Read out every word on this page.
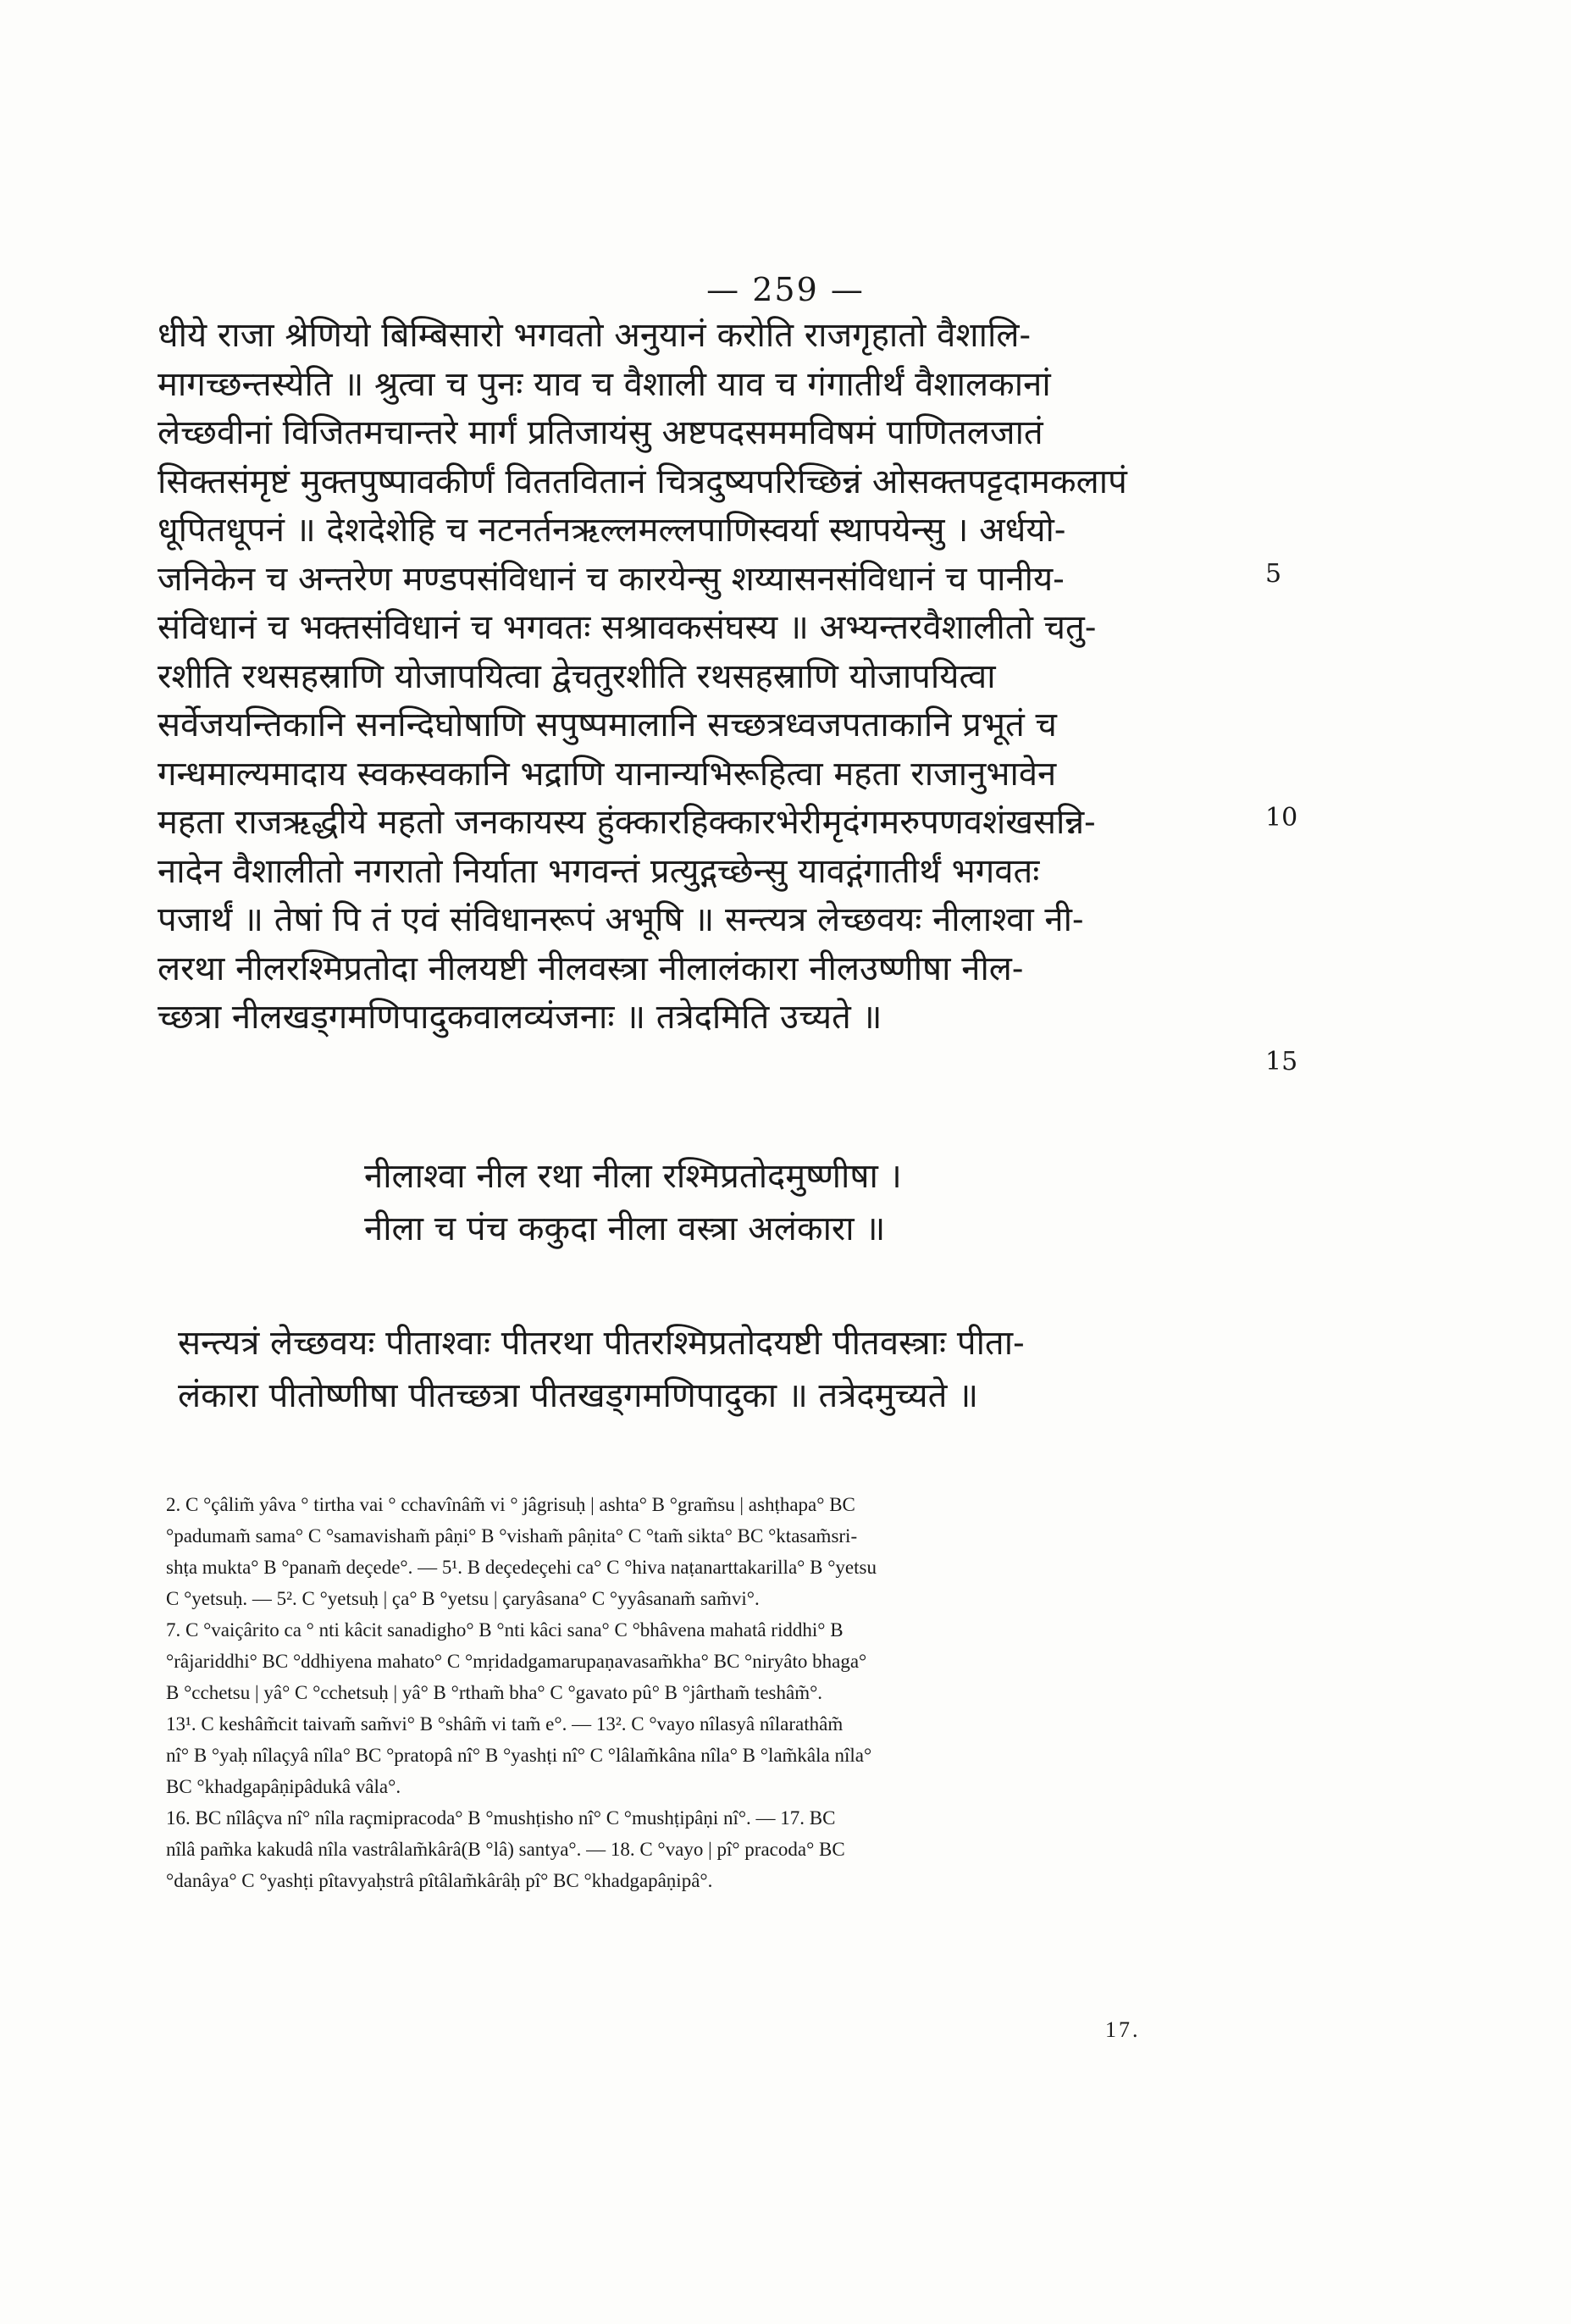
— 259 —
धीये राजा श्रेणियो बिम्बिसारो भगवतो अनुयानं करोति राजगृहातो वैशालि-
मागच्छन्तस्येति ॥ श्रुत्वा च पुनः याव च वैशाली याव च गंगातीर्थं वैशालकानां
लेच्छवीनां विजितमचान्तरे मार्गं प्रतिजायंसु अष्टपदसममविषमं पाणितलजातं
सिक्तसंमृष्टं मुक्तपुष्पावकीर्णं विततवितानं चित्रदुष्यपरिच्छिन्नं ओसक्तपट्टदामकलापं
धूपितधूपनं ॥ देशदेशेहि च नटनर्तनऋल्लमल्लपाणिस्वर्या स्थापयेन्सु । अर्धयो-
जनिकेन च अन्तरेण मण्डपसंविधानं च कारयेन्सु शय्यासनसंविधानं च पानीय-
संविधानं च भक्तसंविधानं च भगवतः सश्रावकसंघस्य ॥ अभ्यन्तरवैशालीतो चतु-
रशीति रथसहस्राणि योजापयित्वा द्वेचतुरशीति रथसहस्राणि योजापयित्वा
सर्वेजयन्तिकानि सनन्दिघोषाणि सपुष्पमालानि सच्छत्रध्वजपताकानि प्रभूतं च
गन्धमाल्यमादाय स्वकस्वकानि भद्राणि यानान्यभिरूहित्वा महता राजानुभावेन
महता राजऋद्धीये महतो जनकायस्य हुंक्कारहिक्कारभेरीमृदंगमरुपणवशंखसन्नि-
नादेन वैशालीतो नगरातो निर्याता भगवन्तं प्रत्युद्गच्छेन्सु यावद्गंगातीर्थं भगवतः
पजार्थं ॥ तेषां पि तं एवं संविधानरूपं अभूषि ॥ सन्त्यत्र लेच्छवयः नीलाश्वा नी-
लरथा नीलरश्मिप्रतोदा नीलयष्टी नीलवस्त्रा नीलालंकारा नीलउष्णीषा नील-
च्छत्रा नीलखड्गमणिपादुकवालव्यंजनाः ॥ तत्रेदमिति उच्यते ॥
5
10
15
नीलाश्वा नील रथा नीला रश्मिप्रतोदमुष्णीषा ।
नीला च पंच ककुदा नीला वस्त्रा अलंकारा ॥
सन्त्यत्रं लेच्छवयः पीताश्वाः पीतरथा पीतरश्मिप्रतोदयष्टी पीतवस्त्राः पीता-
लंकारा पीतोष्णीषा पीतच्छत्रा पीतखड्गमणिपादुका ॥ तत्रेदमुच्यते ॥
2. C °çâlim̃ yâva ° tirtha vai ° cchavînâm̃ vi ° jâgrisuḥ | ashta° B °gram̃su | ashṭhapa° BC
°padumam̃ sama° C °samavisham̃ pâṇi° B °visham̃ pâṇita° C °tam̃ sikta° BC °ktasam̃sri-
shṭa mukta° B °panam̃ deçede°. — 5¹. B deçedeçehi ca° C °hiva naṭanarttakarilla° B °yetsu
C °yetsuḥ. — 5². C °yetsuḥ | ça° B °yetsu | çaryâsana° C °yyâsanam̃ sam̃vi°.
7. C °vaiçârito ca ° nti kâcit sanadigho° B °nti kâci sana° C °bhâvena mahatâ riddhi° B
°râjariddhi° BC °ddhiyena mahato° C °mṛidadgamarupaṇavasam̃kha° BC °niryâto bhaga°
B °cchetsu | yâ° C °cchetsuḥ | yâ° B °rtham̃ bha° C °gavato pû° B °jârtham̃ teshâm̃°.
13¹. C keshâm̃cit taivam̃ sam̃vi° B °shâm̃ vi tam̃ e°. — 13². C °vayo nîlasyâ nîlarathâm̃
nî° B °yaḥ nîlaçyâ nîla° BC °pratopâ nî° B °yashṭi nî° C °lâlam̃kâna nîla° B °lam̃kâla nîla°
BC °khadgapâṇipâdukâ vâla°.
16. BC nîlâçva nî° nîla raçmipracoda° B °mushṭisho nî° C °mushṭipâṇi nî°. — 17. BC
nîlâ pam̃ka kakudâ nîla vastrâlam̃kârâ(B °lâ) santya°. — 18. C °vayo | pî° pracoda° BC
°danâya° C °yashṭi pîtavyaḥstrâ pîtâlam̃kârâḥ pî° BC °khadgapâṇipâ°.
17.
